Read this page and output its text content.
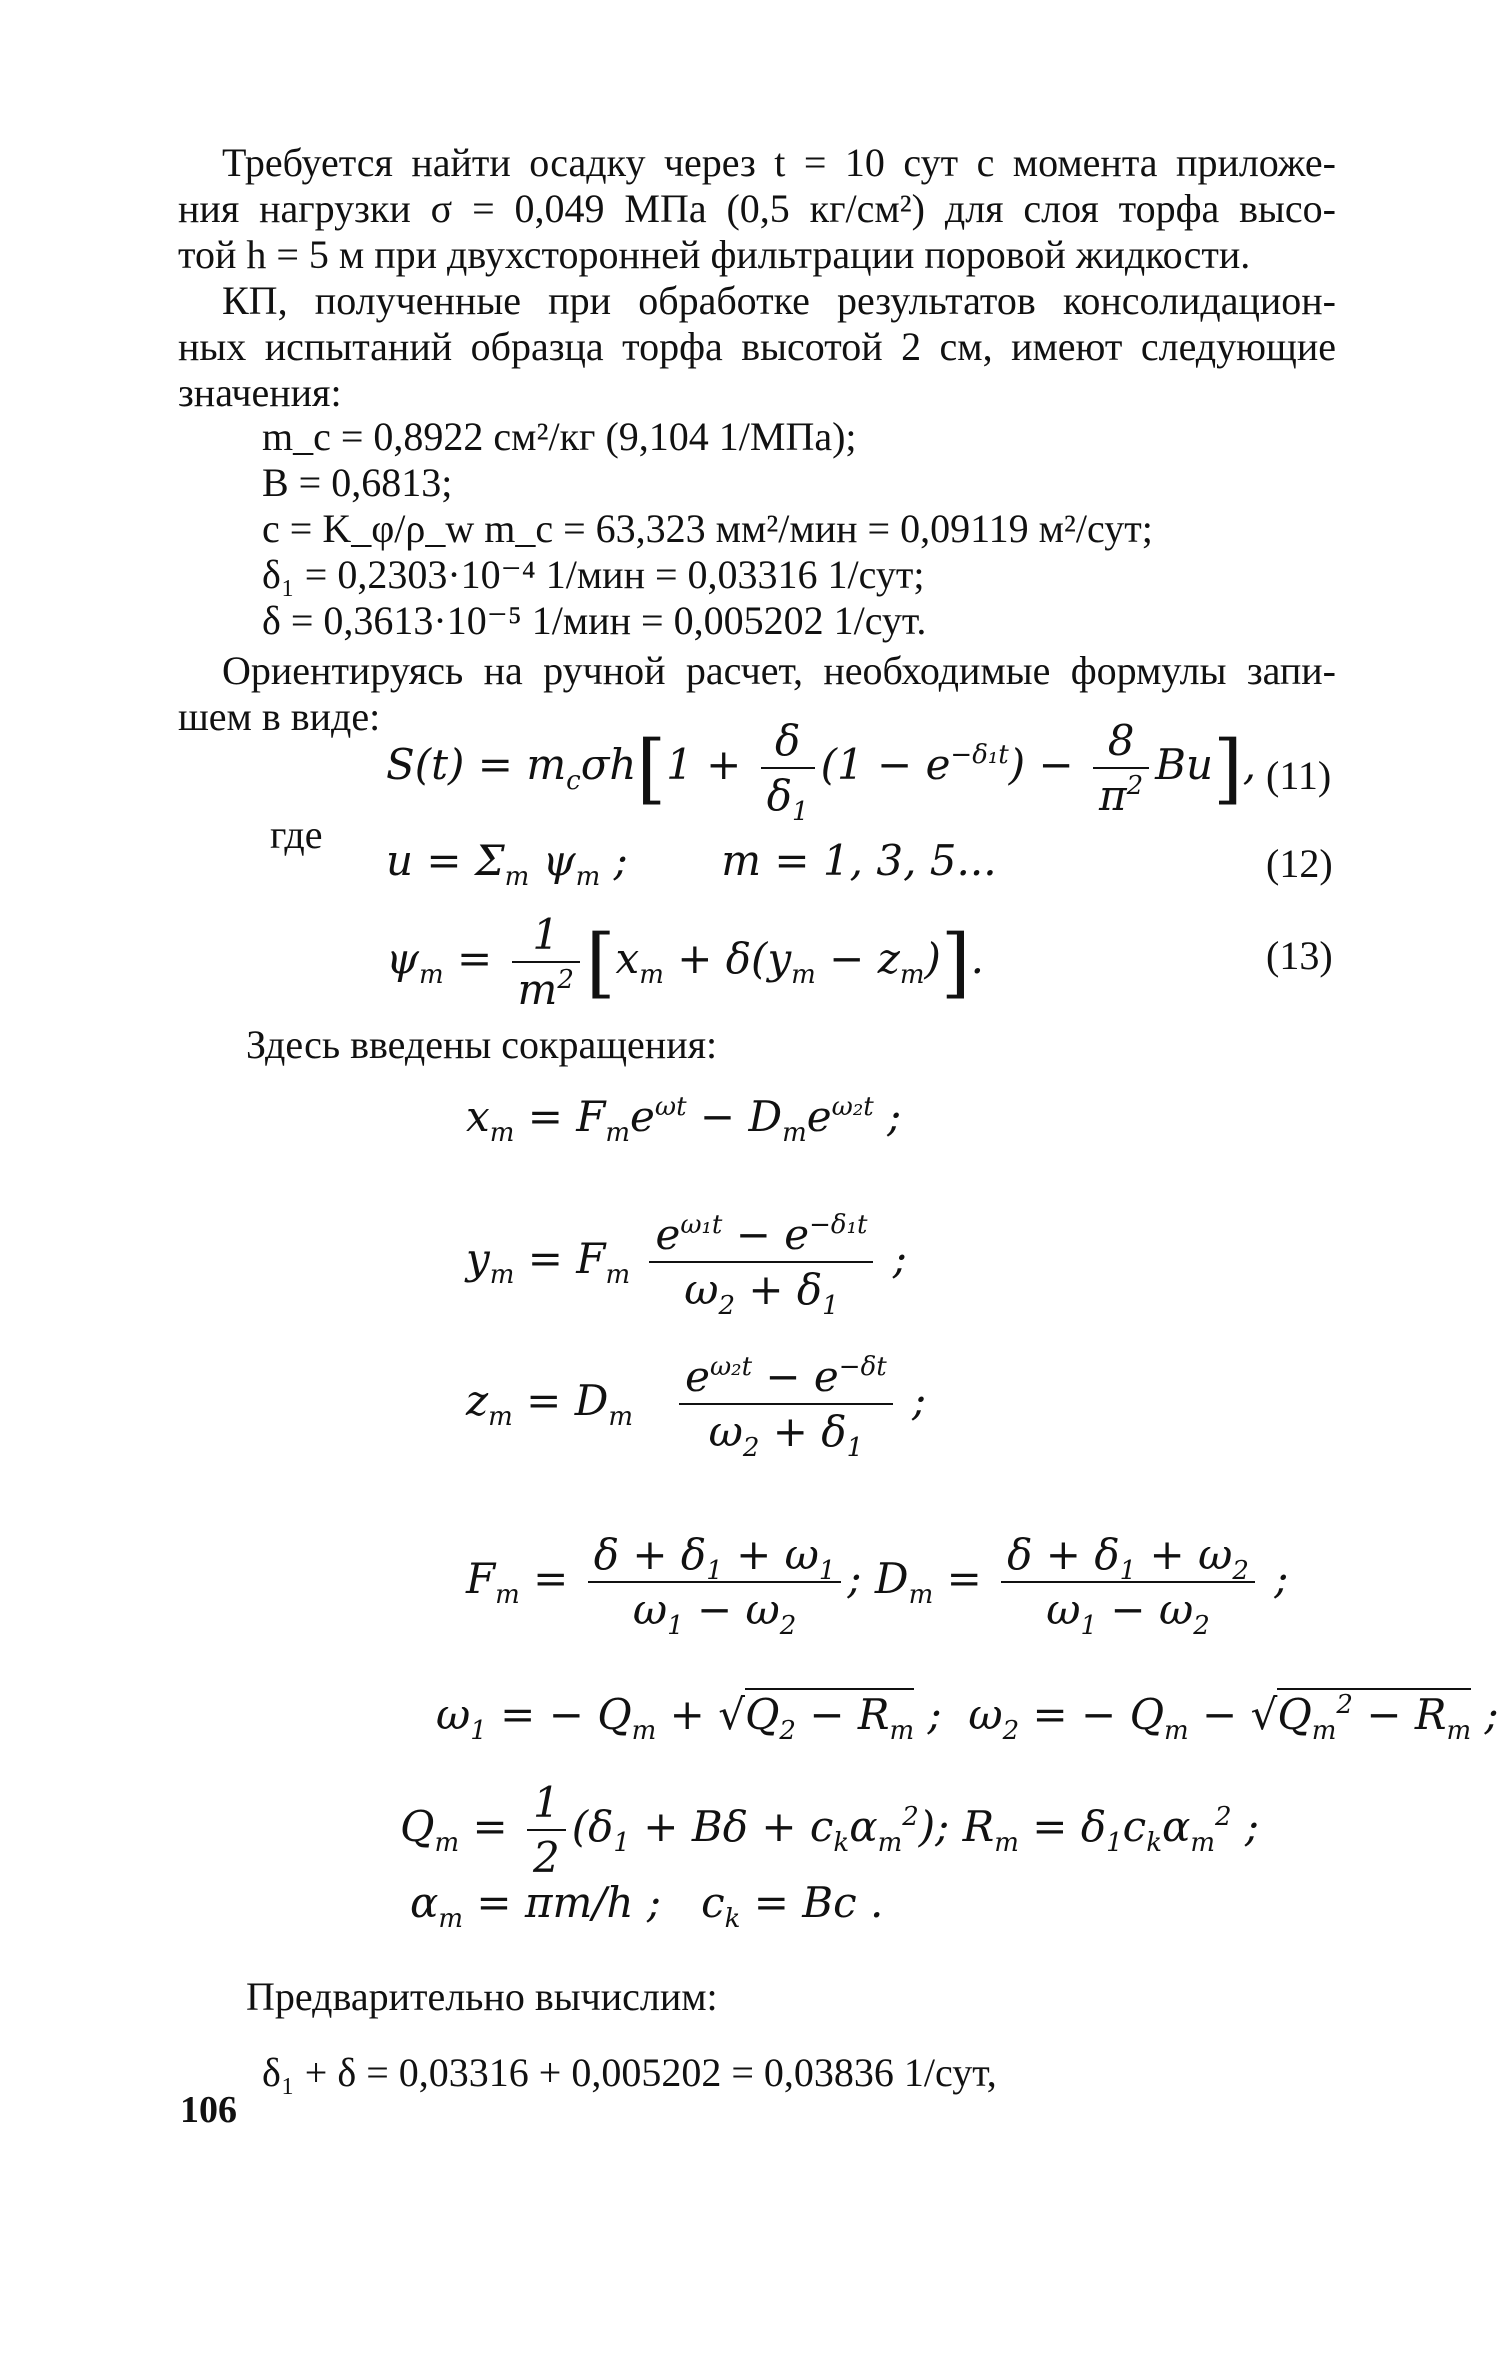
Требуется найти осадку через t = 10 сут с момента приложе-
ния нагрузки σ = 0,049 МПа (0,5 кг/см²) для слоя торфа высо-
той h = 5 м при двухсторонней фильтрации поровой жидкости.
КП, полученные при обработке результатов консолидацион-
ных испытаний образца торфа высотой 2 см, имеют следующие
значения:
m_c = 0,8922 см²/кг (9,104 1/МПа);
B = 0,6813;
c = K_φ/ρ_w m_c = 63,323 мм²/мин = 0,09119 м²/сут;
δ₁ = 0,2303·10⁻⁴ 1/мин = 0,03316 1/сут;
δ = 0,3613·10⁻⁵ 1/мин = 0,005202 1/сут.
Ориентируясь на ручной расчет, необходимые формулы запи-
шем в виде:
$S(t) = m_c\sigma h[1 + \frac{\delta}{\delta_1} (1 - e^{-\delta_1t}) - \frac{8}{\pi^2} Bu]$, (11)
где
$u = \Sigma_m$ $\psi_m$ ;       m = 1, 3, 5...	(12)
$\psi_m = \frac{1}{m^2} [x_m + \delta(y_m - z_m)]$.	(13)
Здесь введены сокращения:
$x_m = F_me^{\omega t} - D_me^{\omega_2t}$ ;
$y_m = F_m \frac{e^{\omega_1t} - e^{-\delta_1t}}{\omega_2 + \delta_1}$ ;
$z_m = D_m \frac{e^{\omega_2t} - e^{-\delta t}}{\omega_2 + \delta_1}$ ;
$F_m = \frac{\delta + \delta_1 + \omega_1}{\omega_1 - \omega_2}$ ; $D_m = \frac{\delta + \delta_1 + \omega_2}{\omega_1 - \omega_2}$ ;
$\omega_1$ = − $Q_m + √Q_2 - R_m$ ;  $\omega_2$ = − $Q_m - √Q_m^2 - R_m$ ;
$Q_m = \frac{1}{2} (\delta_1 + B\delta + c_k\alpha_m^2)$; $R_m = \delta_1c_k\alpha_m^2$ ;
$\alpha_m = \pi m/h$ ;   $c_k = Bc$ .
Предварительно вычислим:
δ₁ + δ = 0,03316 + 0,005202 = 0,03836 1/сут,
106
